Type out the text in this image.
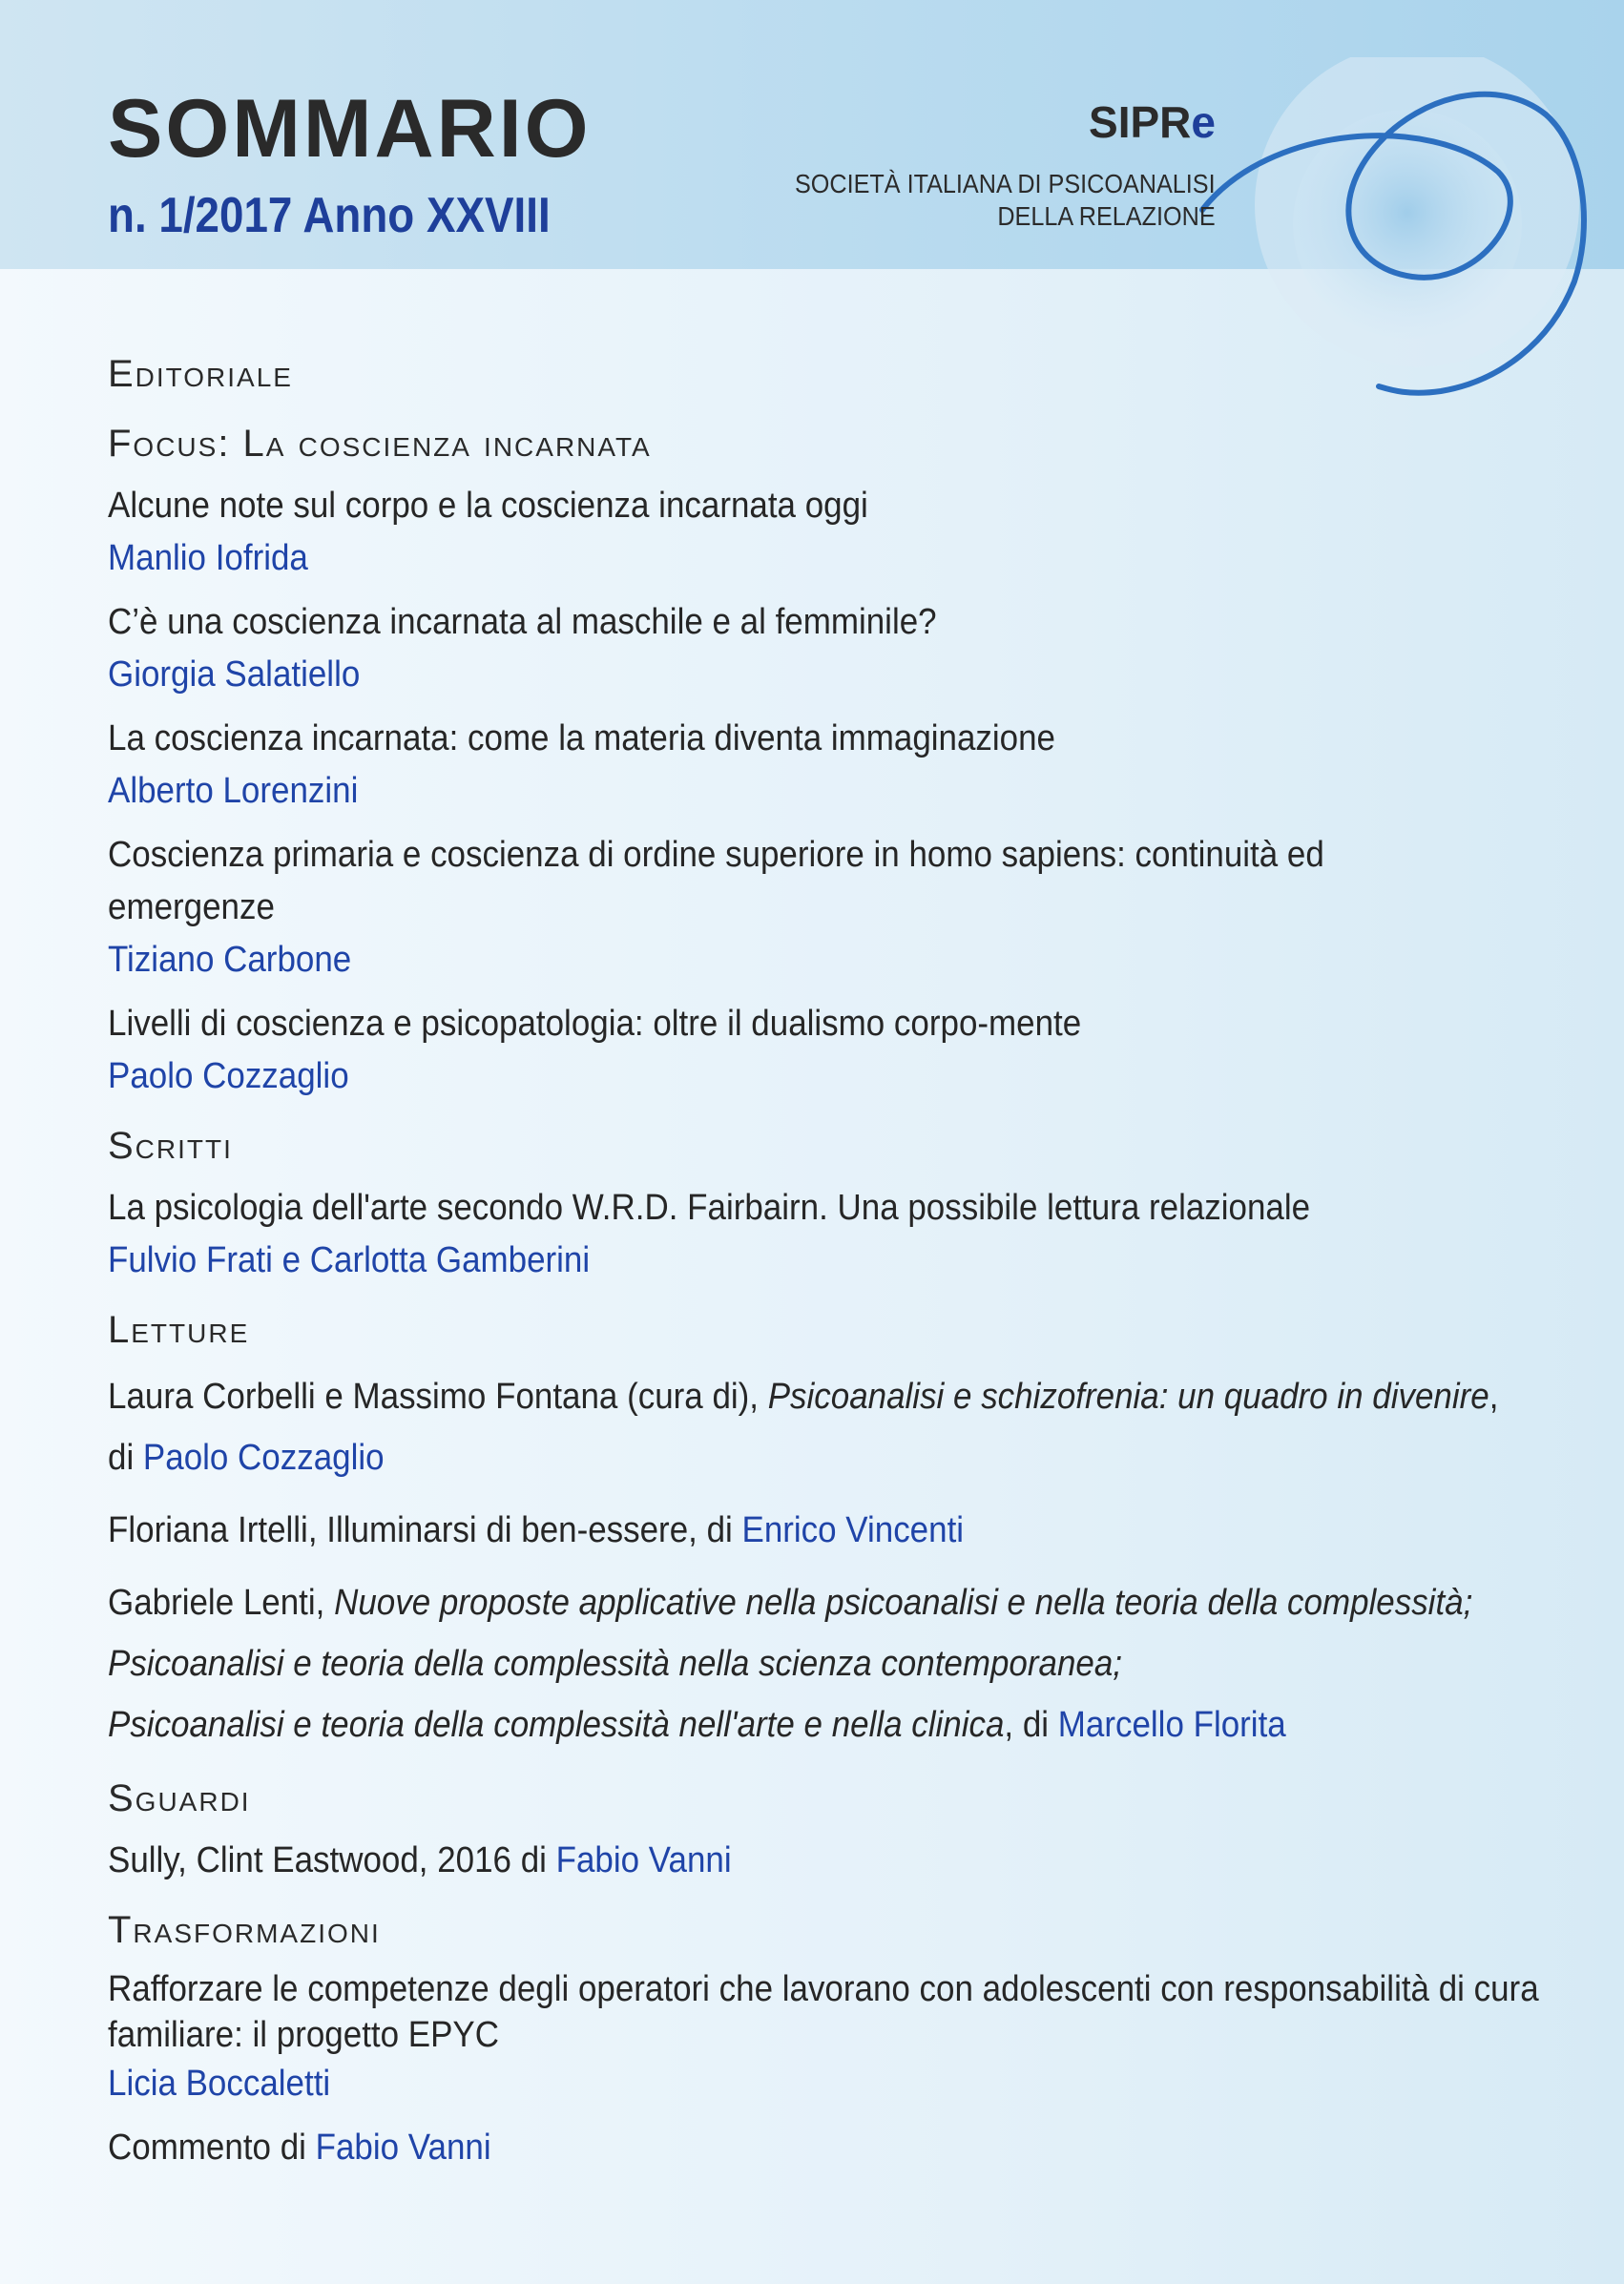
SOMMARIO
n. 1/2017 Anno XXVIII
SIPRe
SOCIETÀ ITALIANA DI PSICOANALISI
DELLA RELAZIONE
Editoriale
Focus: La coscienza incarnata
Alcune note sul corpo e la coscienza incarnata oggi
Manlio Iofrida
C’è una coscienza incarnata al maschile e al femminile?
Giorgia Salatiello
La coscienza incarnata: come la materia diventa immaginazione
Alberto Lorenzini
Coscienza primaria e coscienza di ordine superiore in homo sapiens: continuità ed emergenze
Tiziano Carbone
Livelli di coscienza e psicopatologia: oltre il dualismo corpo-mente
Paolo Cozzaglio
Scritti
La psicologia dell'arte secondo W.R.D. Fairbairn. Una possibile lettura relazionale
Fulvio Frati e Carlotta Gamberini
Letture
Laura Corbelli e Massimo Fontana (cura di), Psicoanalisi e schizofrenia: un quadro in divenire, di Paolo Cozzaglio
Floriana Irtelli, Illuminarsi di ben-essere, di Enrico Vincenti
Gabriele Lenti, Nuove proposte applicative nella psicoanalisi e nella teoria della complessità;
Psicoanalisi e teoria della complessità nella scienza contemporanea;
Psicoanalisi e teoria della complessità nell'arte e nella clinica, di Marcello Florita
Sguardi
Sully, Clint Eastwood, 2016 di Fabio Vanni
Trasformazioni
Rafforzare le competenze degli operatori che lavorano con adolescenti con responsabilità di cura familiare: il progetto EPYC
Licia Boccaletti
Commento di Fabio Vanni
